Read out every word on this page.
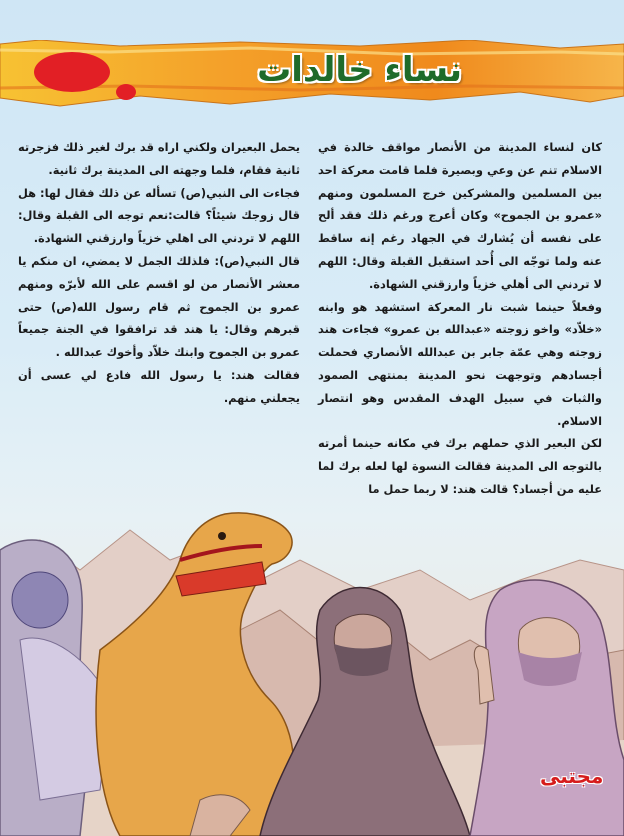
نساء خالدات

كان لنساء المدينة من الأنصار مواقف خالدة في الاسلام تنم عن وعي وبصيرة فلما قامت معركة احد بين المسلمين والمشركين خرج المسلمون ومنهم «عمرو بن الجموح» وكان أعرج ورغم ذلك فقد ألح على نفسه أن يُشارك في الجهاد رغم إنه ساقط عنه ولما توجّه الى أُحد استقبل القبلة وقال: اللهم لا تردني الى أهلي خزياً وارزقني الشهادة.

وفعلاً حينما شبت نار المعركة استشهد هو وابنه «خلاّد» واخو زوجته «عبدالله بن عمرو» فجاءت هند زوجته وهي عمّة جابر بن عبدالله الأنصاري فحملت أجسادهم وتوجهت نحو المدينة بمنتهى الصمود والثبات في سبيل الهدف المقدس وهو انتصار الاسلام.

لكن البعير الذي حملهم برك في مكانه حينما أمرته بالتوجه الى المدينة فقالت النسوة لها لعله برك لما عليه من أجساد؟ قالت هند: لا ربما حمل ما

يحمل البعيران ولكني اراه قد برك لغير ذلك فزجرته ثانية فقام، فلما وجهته الى المدينة برك ثانية.

فجاءت الى النبي(ص) تسأله عن ذلك فقال لها: هل قال زوجك شيئاً؟ قالت:نعم توجه الى القبلة وقال: اللهم لا تردني الى اهلي خزياً وارزقني الشهادة.

قال النبي(ص): فلذلك الجمل لا يمضي، ان منكم يا معشر الأنصار من لو اقسم على الله لأبرّه ومنهم عمرو بن الجموح ثم قام رسول الله(ص) حتى قبرهم وقال: يا هند قد ترافقوا في الجنة جميعاً عمرو بن الجموح وابنك خلاّد وأخوك عبدالله .

فقالت هند: يا رسول الله فادع لي عسى أن يجعلني منهم.

مجتبى
